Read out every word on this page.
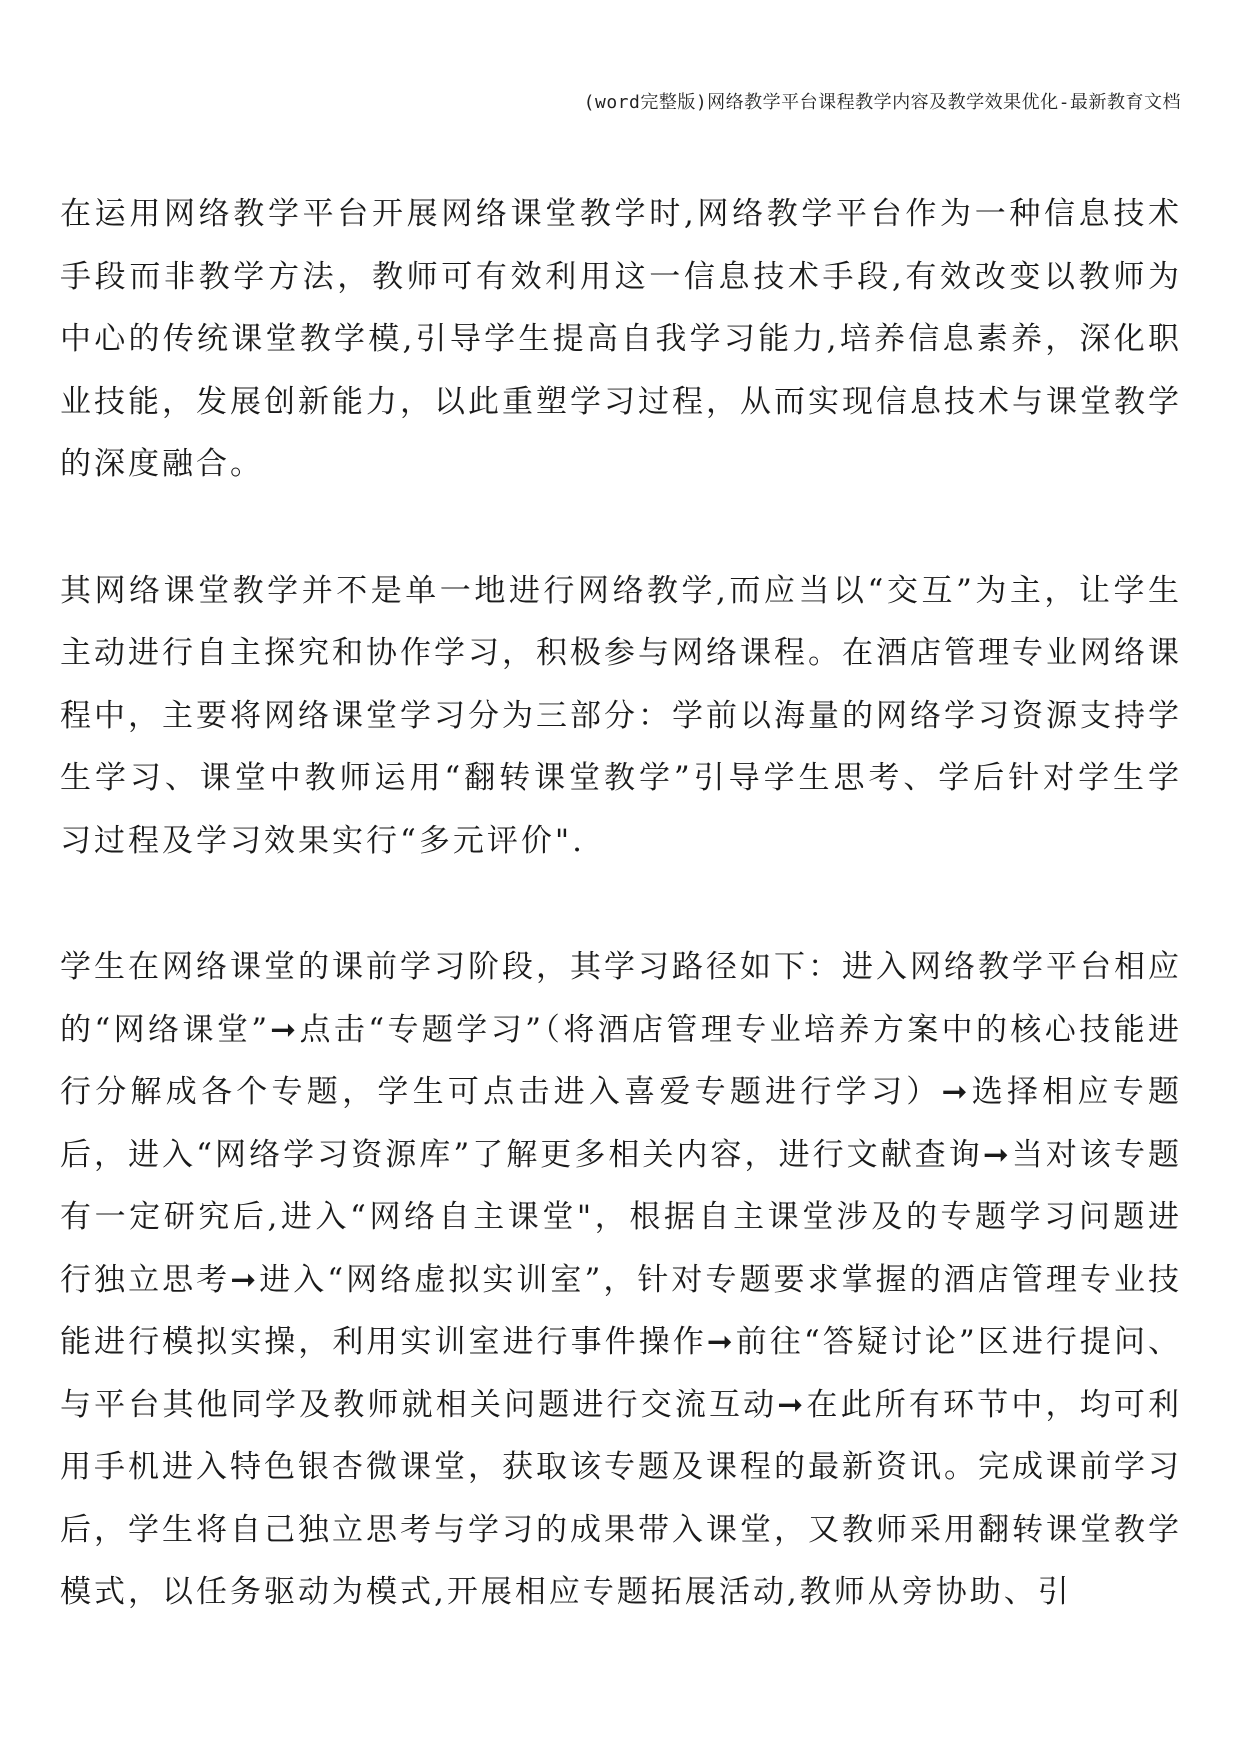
(word完整版)网络教学平台课程教学内容及教学效果优化-最新教育文档

在运用网络教学平台开展网络课堂教学时,网络教学平台作为一种信息技术手段而非教学方法，教师可有效利用这一信息技术手段,有效改变以教师为中心的传统课堂教学模,引导学生提高自我学习能力,培养信息素养，深化职业技能，发展创新能力，以此重塑学习过程，从而实现信息技术与课堂教学的深度融合。

其网络课堂教学并不是单一地进行网络教学,而应当以“交互”为主，让学生主动进行自主探究和协作学习，积极参与网络课程。在酒店管理专业网络课程中，主要将网络课堂学习分为三部分：学前以海量的网络学习资源支持学生学习、课堂中教师运用“翻转课堂教学”引导学生思考、学后针对学生学习过程及学习效果实行“多元评价".

学生在网络课堂的课前学习阶段，其学习路径如下：进入网络教学平台相应的“网络课堂”➞点击“专题学习”（将酒店管理专业培养方案中的核心技能进行分解成各个专题，学生可点击进入喜爱专题进行学习）➞选择相应专题后，进入“网络学习资源库”了解更多相关内容，进行文献查询➞当对该专题有一定研究后,进入“网络自主课堂"，根据自主课堂涉及的专题学习问题进行独立思考➞进入“网络虚拟实训室”，针对专题要求掌握的酒店管理专业技能进行模拟实操，利用实训室进行事件操作➞前往“答疑讨论”区进行提问、与平台其他同学及教师就相关问题进行交流互动➞在此所有环节中，均可利用手机进入特色银杏微课堂，获取该专题及课程的最新资讯。完成课前学习后，学生将自己独立思考与学习的成果带入课堂，又教师采用翻转课堂教学模式，以任务驱动为模式,开展相应专题拓展活动,教师从旁协助、引
